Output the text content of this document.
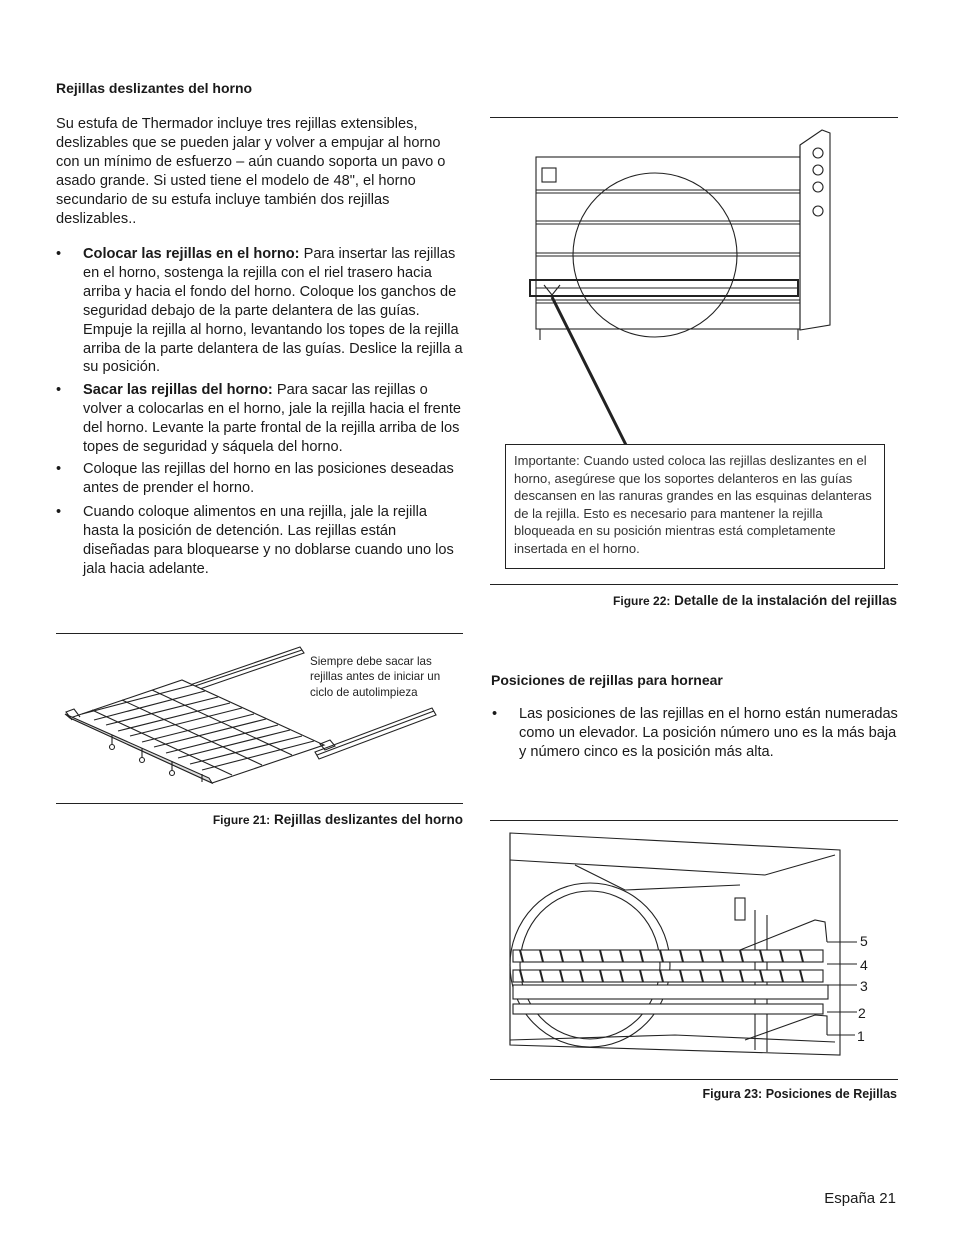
Rejillas deslizantes del horno
Su estufa de Thermador incluye tres rejillas extensibles, deslizables que se pueden jalar y volver a empujar al horno con un mínimo de esfuerzo – aún cuando soporta un pavo o asado grande. Si usted tiene el modelo de 48", el horno secundario de su estufa incluye también dos rejillas deslizables..
• Colocar las rejillas en el horno: Para insertar las rejillas en el horno, sostenga la rejilla con el riel trasero hacia arriba y hacia el fondo del horno. Coloque los ganchos de seguridad debajo de la parte delantera de las guías. Empuje la rejilla al horno, levantando los topes de la rejilla arriba de la parte delantera de las guías. Deslice la rejilla a su posición.
• Sacar las rejillas del horno: Para sacar las rejillas o volver a colocarlas en el horno, jale la rejilla hacia el frente del horno. Levante la parte frontal de la rejilla arriba de los topes de seguridad y sáquela del horno.
• Coloque las rejillas del horno en las posiciones deseadas antes de prender el horno.
• Cuando coloque alimentos en una rejilla, jale la rejilla hasta la posición de detención. Las rejillas están diseñadas para bloquearse y no doblarse cuando uno los jala hacia adelante.
Siempre debe sacar las rejillas antes de iniciar un ciclo de autolimpieza
Figure 21: Rejillas deslizantes del horno
Importante: Cuando usted coloca las rejillas deslizantes en el horno, asegúrese que los soportes delanteros en las guías descansen en las ranuras grandes en las esquinas delanteras de la rejilla. Esto es necesario para mantener la rejilla bloqueada en su posición mientras está completamente insertada en el horno.
Figure 22: Detalle de la instalación del rejillas
Posiciones de rejillas para hornear
• Las posiciones de las rejillas en el horno están numeradas como un elevador. La posición número uno es la más baja y número cinco es la posición más alta.
5
4
3
2
1
Figura 23: Posiciones de Rejillas
España 21
